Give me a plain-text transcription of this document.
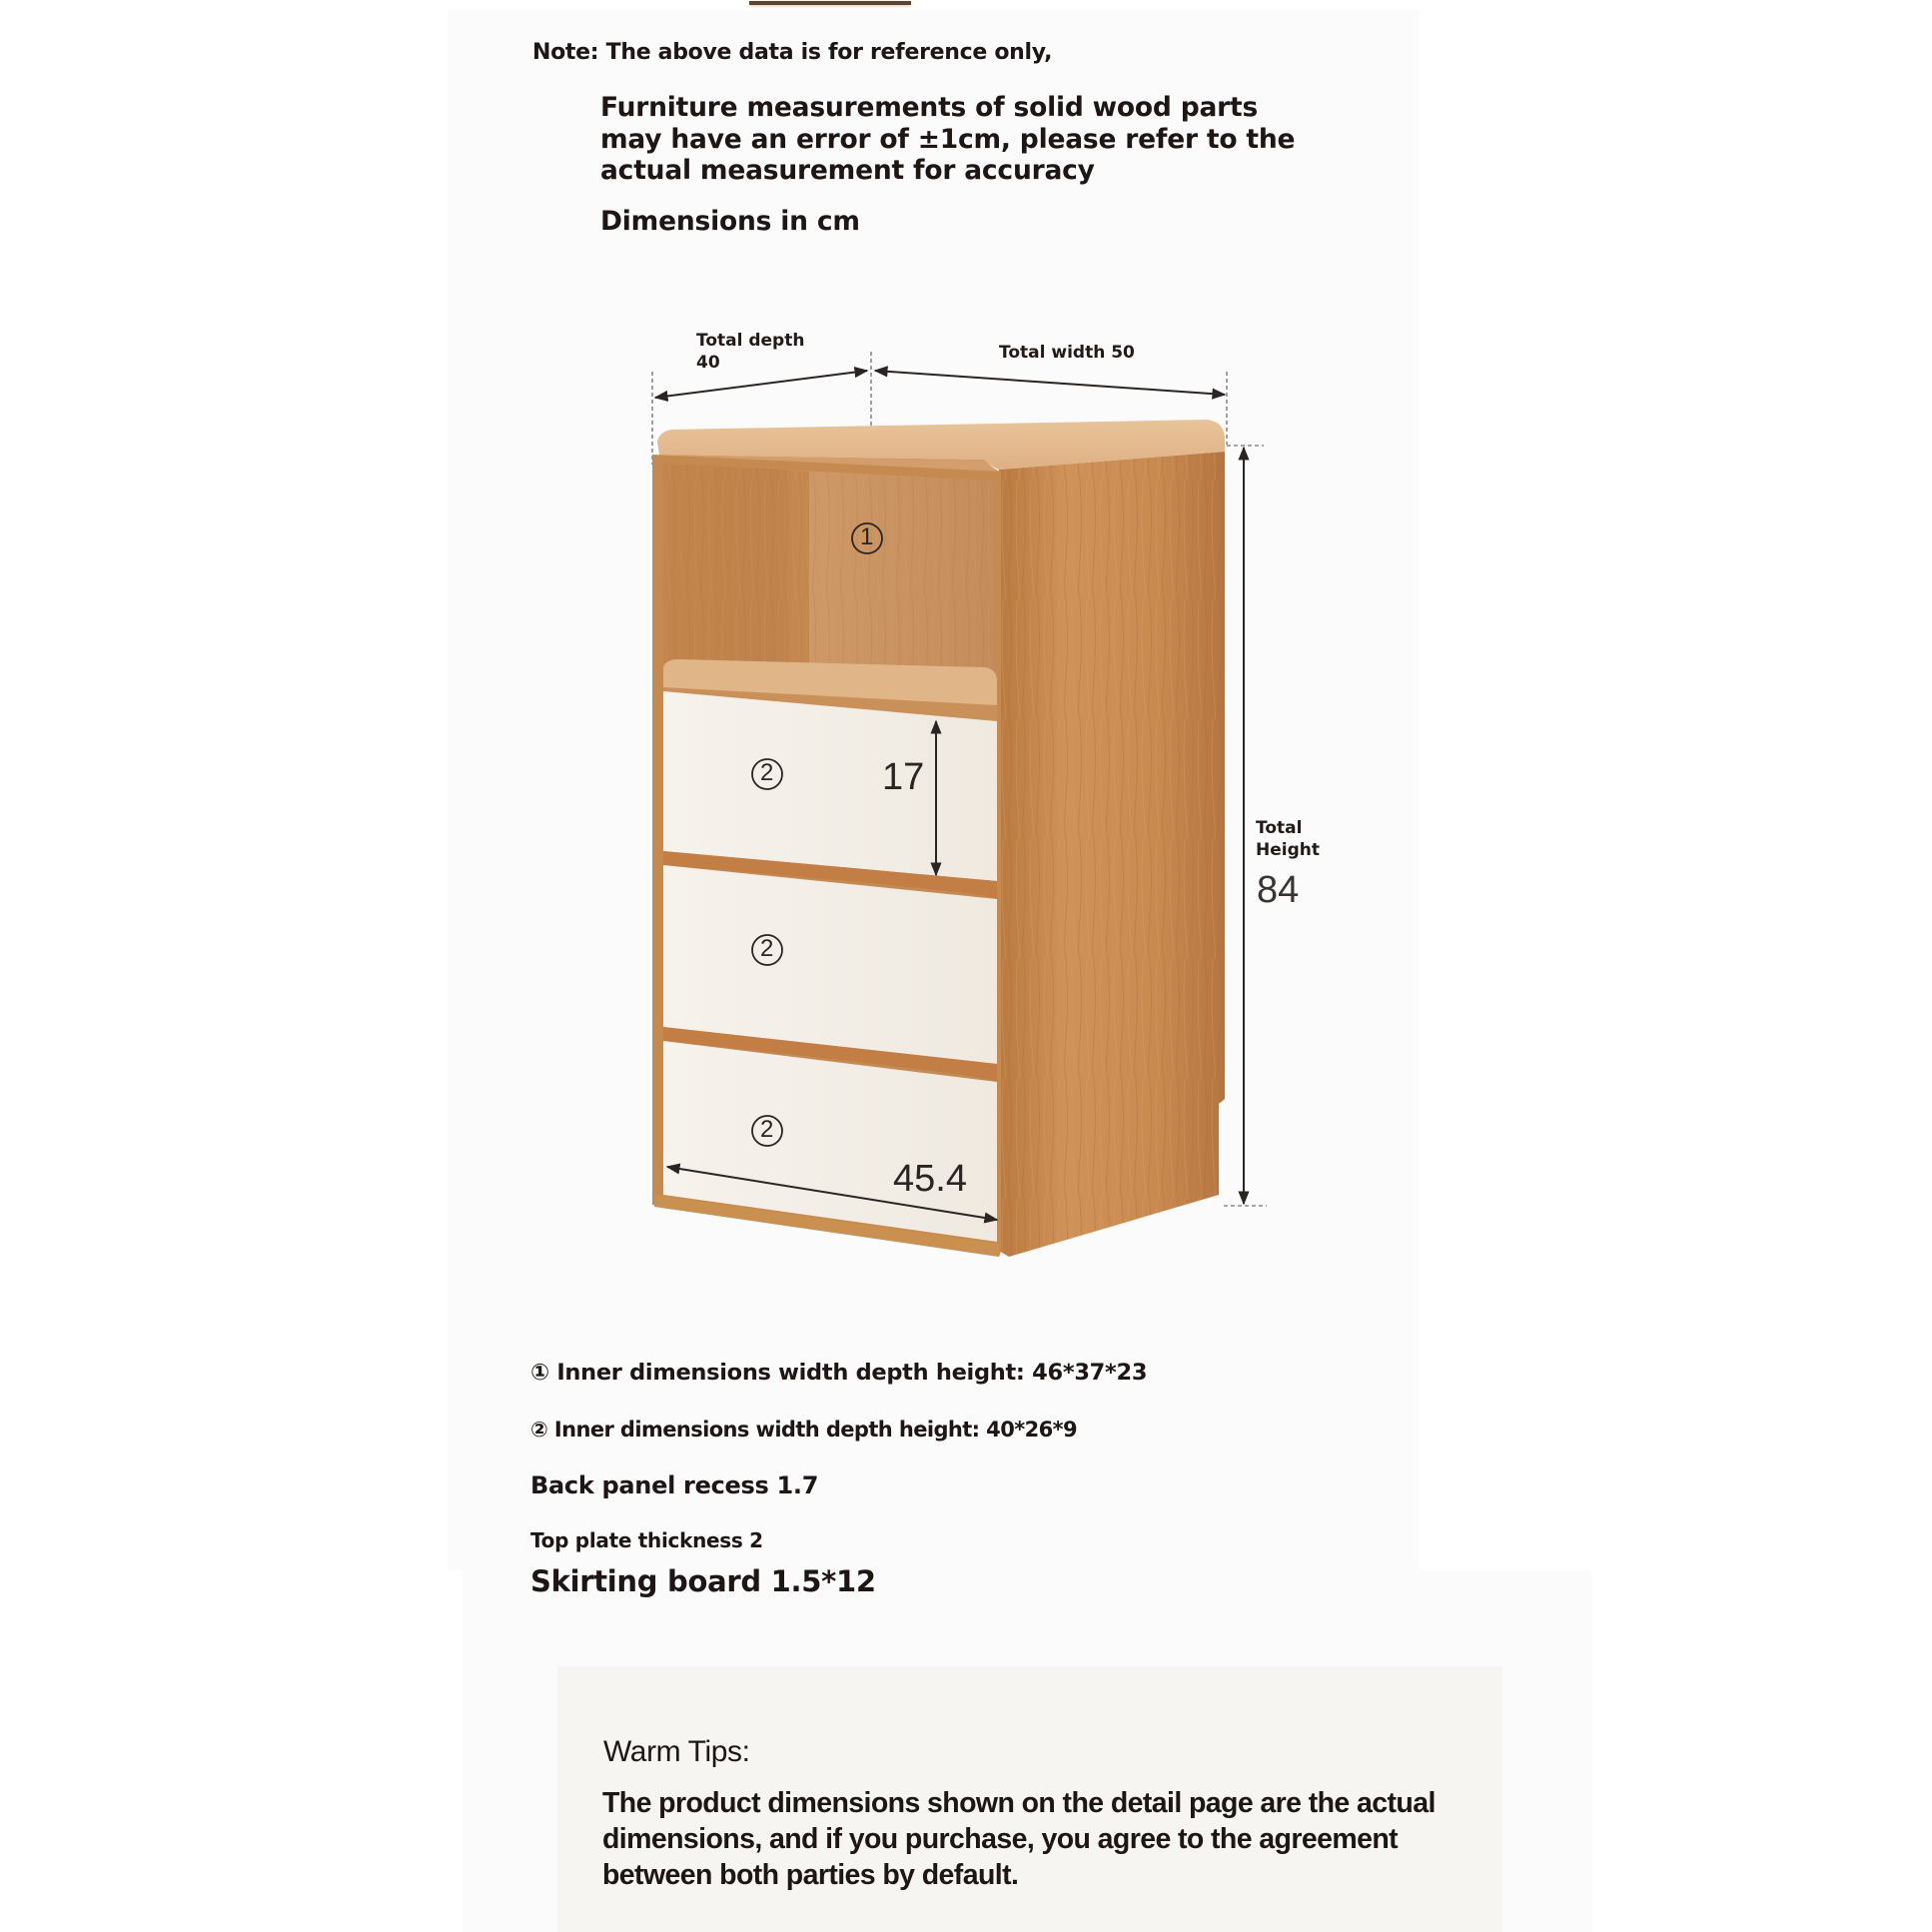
Note: The above data is for reference only,
Furniture measurements of solid wood parts
may have an error of ±1cm, please refer to the
actual measurement for accuracy
Dimensions in cm
1
2
2
2
Total depth
40	Total width 50
Total
Height
84
17
45.4
① Inner dimensions width depth height: 46*37*23
② Inner dimensions width depth height: 40*26*9
Back panel recess 1.7
Top plate thickness 2
Skirting board 1.5*12
Warm Tips:
The product dimensions shown on the detail page are the actual
dimensions, and if you purchase, you agree to the agreement
between both parties by default.
